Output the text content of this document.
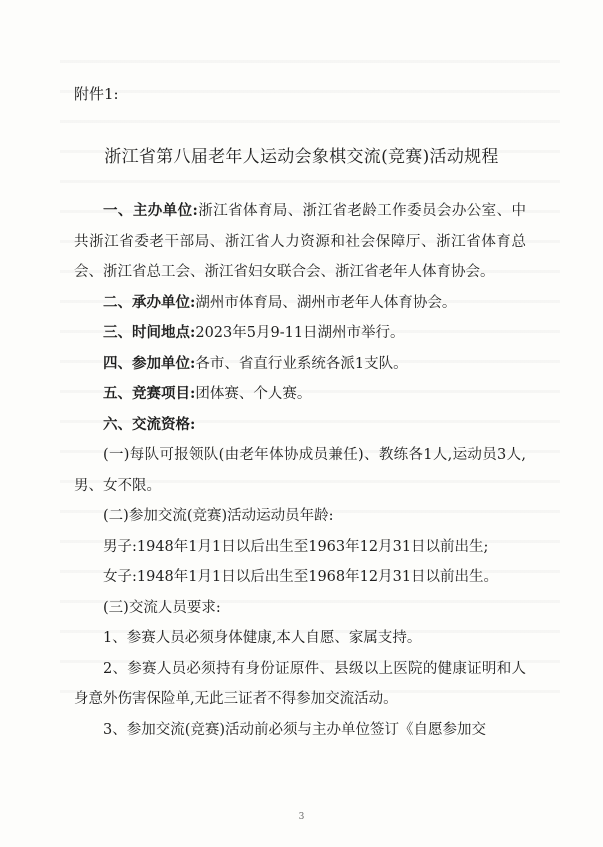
附件1:
浙江省第八届老年人运动会象棋交流(竞赛)活动规程

一、主办单位:浙江省体育局、浙江省老龄工作委员会办公室、中共浙江省委老干部局、浙江省人力资源和社会保障厅、浙江省体育总会、浙江省总工会、浙江省妇女联合会、浙江省老年人体育协会。

二、承办单位:湖州市体育局、湖州市老年人体育协会。

三、时间地点:2023年5月9-11日湖州市举行。

四、参加单位:各市、省直行业系统各派1支队。

五、竞赛项目:团体赛、个人赛。

六、交流资格:

(一)每队可报领队(由老年体协成员兼任)、教练各1人,运动员3人,男、女不限。

(二)参加交流(竞赛)活动运动员年龄:

男子:1948年1月1日以后出生至1963年12月31日以前出生;

女子:1948年1月1日以后出生至1968年12月31日以前出生。

(三)交流人员要求:

1、参赛人员必须身体健康,本人自愿、家属支持。

2、参赛人员必须持有身份证原件、县级以上医院的健康证明和人身意外伤害保险单,无此三证者不得参加交流活动。

3、参加交流(竞赛)活动前必须与主办单位签订《自愿参加交

3
